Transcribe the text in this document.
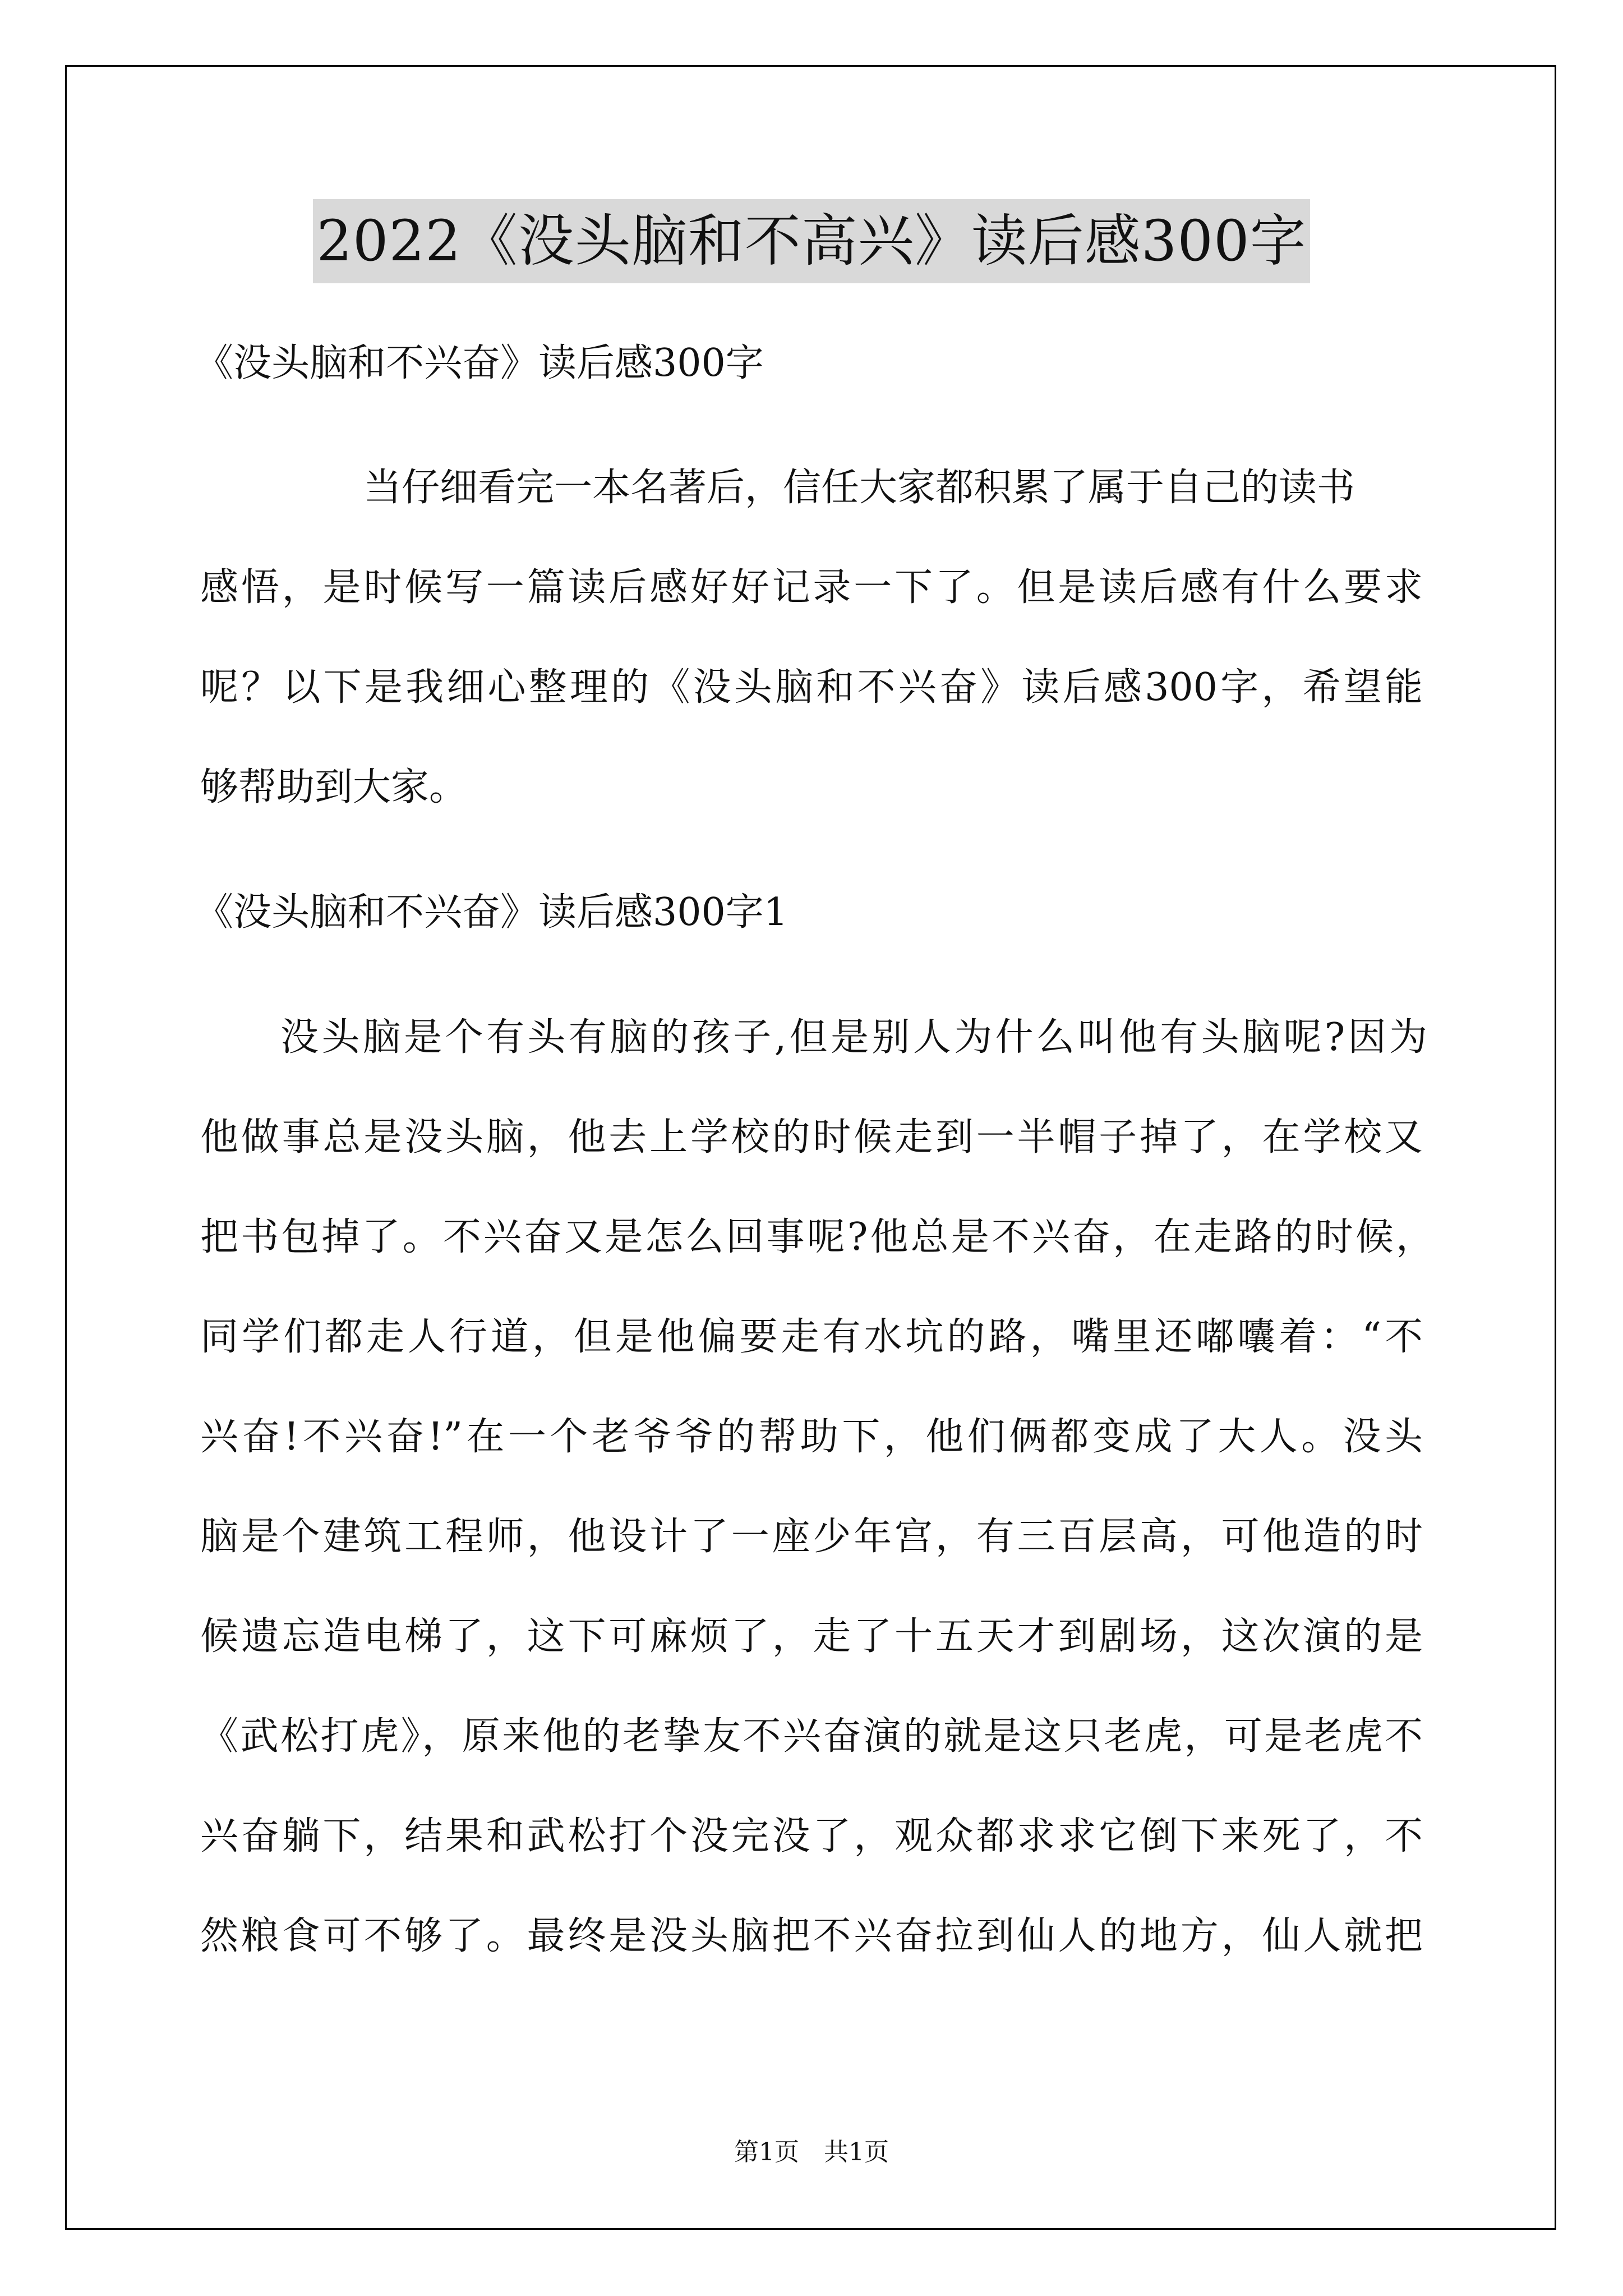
2022《没头脑和不高兴》读后感300字
《没头脑和不兴奋》读后感300字
当仔细看完一本名著后，信任大家都积累了属于自己的读书
感悟，是时候写一篇读后感好好记录一下了。但是读后感有什么要求
呢？以下是我细心整理的《没头脑和不兴奋》读后感300字，希望能
够帮助到大家。
《没头脑和不兴奋》读后感300字1
没头脑是个有头有脑的孩子,但是别人为什么叫他有头脑呢?因为
他做事总是没头脑，他去上学校的时候走到一半帽子掉了，在学校又
把书包掉了。不兴奋又是怎么回事呢?他总是不兴奋，在走路的时候，
同学们都走人行道，但是他偏要走有水坑的路，嘴里还嘟囔着：“不
兴奋!不兴奋!”在一个老爷爷的帮助下，他们俩都变成了大人。没头
脑是个建筑工程师，他设计了一座少年宫，有三百层高，可他造的时
候遗忘造电梯了，这下可麻烦了，走了十五天才到剧场，这次演的是
《武松打虎》，原来他的老挚友不兴奋演的就是这只老虎，可是老虎不
兴奋躺下，结果和武松打个没完没了，观众都求求它倒下来死了，不
然粮食可不够了。最终是没头脑把不兴奋拉到仙人的地方，仙人就把
第1页　共1页
